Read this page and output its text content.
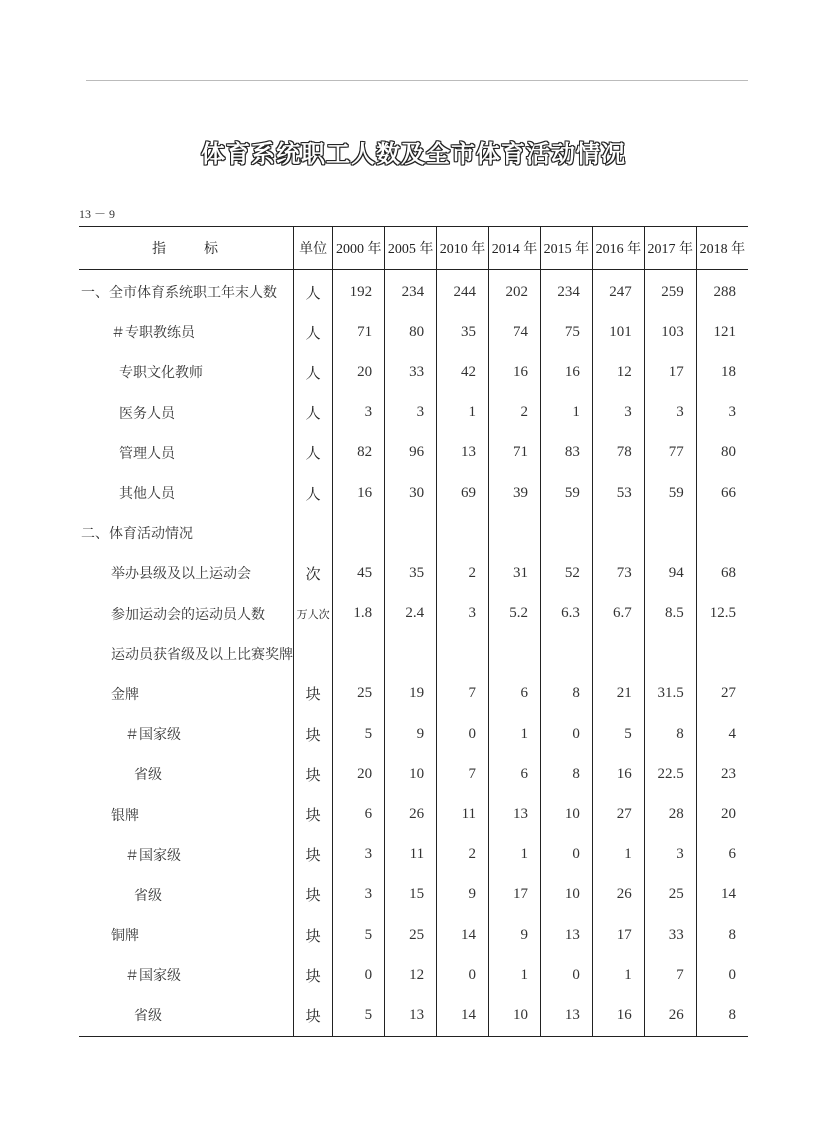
体育系统职工人数及全市体育活动情况
13 － 9
指标	单位	2000 年	2005 年	2010 年	2014 年	2015 年	2016 年	2017 年	2018 年
一、全市体育系统职工年末人数	人	192	234	244	202	234	247	259	288
＃专职教练员	人	71	80	35	74	75	101	103	121
专职文化教师	人	20	33	42	16	16	12	17	18
医务人员	人	3	3	1	2	1	3	3	3
管理人员	人	82	96	13	71	83	78	77	80
其他人员	人	16	30	69	39	59	53	59	66
二、体育活动情况									
举办县级及以上运动会	次	45	35	2	31	52	73	94	68
参加运动会的运动员人数	万人次	1.8	2.4	3	5.2	6.3	6.7	8.5	12.5
运动员获省级及以上比赛奖牌									
金牌	块	25	19	7	6	8	21	31.5	27
＃国家级	块	5	9	0	1	0	5	8	4
省级	块	20	10	7	6	8	16	22.5	23
银牌	块	6	26	11	13	10	27	28	20
＃国家级	块	3	11	2	1	0	1	3	6
省级	块	3	15	9	17	10	26	25	14
铜牌	块	5	25	14	9	13	17	33	8
＃国家级	块	0	12	0	1	0	1	7	0
省级	块	5	13	14	10	13	16	26	8
